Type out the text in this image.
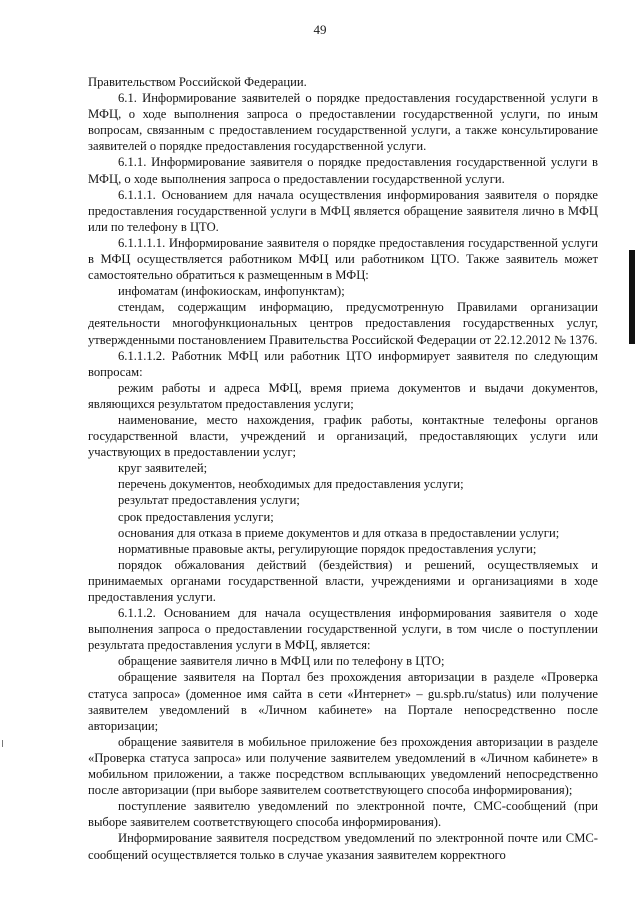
49

Правительством Российской Федерации.

6.1. Информирование заявителей о порядке предоставления государственной услуги в МФЦ, о ходе выполнения запроса о предоставлении государственной услуги, по иным вопросам, связанным с предоставлением государственной услуги, а также консультирование заявителей о порядке предоставления государственной услуги.

6.1.1. Информирование заявителя о порядке предоставления государственной услуги в МФЦ, о ходе выполнения запроса о предоставлении государственной услуги.

6.1.1.1. Основанием для начала осуществления информирования заявителя о порядке предоставления государственной услуги в МФЦ является обращение заявителя лично в МФЦ или по телефону в ЦТО.

6.1.1.1.1. Информирование заявителя о порядке предоставления государственной услуги в МФЦ осуществляется работником МФЦ или работником ЦТО. Также заявитель может самостоятельно обратиться к размещенным в МФЦ:

инфоматам (инфокиоскам, инфопунктам);

стендам, содержащим информацию, предусмотренную Правилами организации деятельности многофункциональных центров предоставления государственных услуг, утвержденными постановлением Правительства Российской Федерации от 22.12.2012 № 1376.

6.1.1.1.2. Работник МФЦ или работник ЦТО информирует заявителя по следующим вопросам:

режим работы и адреса МФЦ, время приема документов и выдачи документов, являющихся результатом предоставления услуги;

наименование, место нахождения, график работы, контактные телефоны органов государственной власти, учреждений и организаций, предоставляющих услуги или участвующих в предоставлении услуг;

круг заявителей;

перечень документов, необходимых для предоставления услуги;

результат предоставления услуги;

срок предоставления услуги;

основания для отказа в приеме документов и для отказа в предоставлении услуги;

нормативные правовые акты, регулирующие порядок предоставления услуги;

порядок обжалования действий (бездействия) и решений, осуществляемых и принимаемых органами государственной власти, учреждениями и организациями в ходе предоставления услуги.

6.1.1.2. Основанием для начала осуществления информирования заявителя о ходе выполнения запроса о предоставлении государственной услуги, в том числе о поступлении результата предоставления услуги в МФЦ, является:

обращение заявителя лично в МФЦ или по телефону в ЦТО;

обращение заявителя на Портал без прохождения авторизации в разделе «Проверка статуса запроса» (доменное имя сайта в сети «Интернет» – gu.spb.ru/status) или получение заявителем уведомлений в «Личном кабинете» на Портале непосредственно после авторизации;

обращение заявителя в мобильное приложение без прохождения авторизации в разделе «Проверка статуса запроса» или получение заявителем уведомлений в «Личном кабинете» в мобильном приложении, а также посредством всплывающих уведомлений непосредственно после авторизации (при выборе заявителем соответствующего способа информирования);

поступление заявителю уведомлений по электронной почте, СМС-сообщений (при выборе заявителем соответствующего способа информирования).

Информирование заявителя посредством уведомлений по электронной почте или СМС-сообщений осуществляется только в случае указания заявителем корректного
